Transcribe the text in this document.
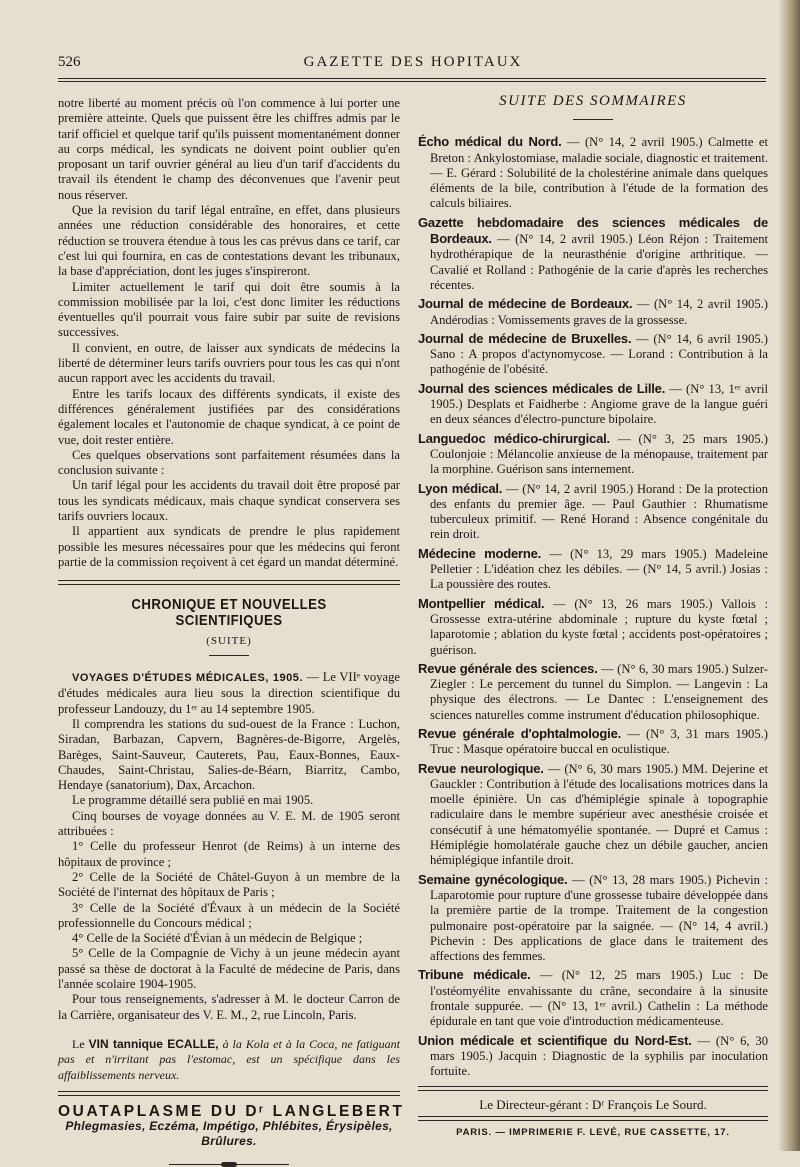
526	GAZETTE DES HOPITAUX

notre liberté au moment précis où l'on commence à lui porter une première atteinte. Quels que puissent être les chiffres admis par le tarif officiel et quelque tarif qu'ils puissent momentanément donner au corps médical, les syndicats ne doivent point oublier qu'en proposant un tarif ouvrier général au lieu d'un tarif d'accidents du travail ils étendent le champ des déconvenues que l'avenir peut nous réserver.

Que la revision du tarif légal entraîne, en effet, dans plusieurs années une réduction considérable des honoraires, et cette réduction se trouvera étendue à tous les cas prévus dans ce tarif, car c'est lui qui fournira, en cas de contestations devant les tribunaux, la base d'appréciation, dont les juges s'inspireront.

Limiter actuellement le tarif qui doit être soumis à la commission mobilisée par la loi, c'est donc limiter les réductions éventuelles qu'il pourrait vous faire subir par suite de revisions successives.

Il convient, en outre, de laisser aux syndicats de médecins la liberté de déterminer leurs tarifs ouvriers pour tous les cas qui n'ont aucun rapport avec les accidents du travail.

Entre les tarifs locaux des différents syndicats, il existe des différences généralement justifiées par des considérations également locales et l'autonomie de chaque syndicat, à ce point de vue, doit rester entière.

Ces quelques observations sont parfaitement résumées dans la conclusion suivante :

Un tarif légal pour les accidents du travail doit être proposé par tous les syndicats médicaux, mais chaque syndicat conservera ses tarifs ouvriers locaux.

Il appartient aux syndicats de prendre le plus rapidement possible les mesures nécessaires pour que les médecins qui feront partie de la commission reçoivent à cet égard un mandat déterminé.

CHRONIQUE ET NOUVELLES SCIENTIFIQUES
(SUITE)

VOYAGES D'ÉTUDES MÉDICALES, 1905. — Le VIIᵉ voyage d'études médicales aura lieu sous la direction scientifique du professeur Landouzy, du 1ᵉʳ au 14 septembre 1905.

Il comprendra les stations du sud-ouest de la France : Luchon, Siradan, Barbazan, Capvern, Bagnères-de-Bigorre, Argelès, Barèges, Saint-Sauveur, Cauterets, Pau, Eaux-Bonnes, Eaux-Chaudes, Saint-Christau, Salies-de-Béarn, Biarritz, Cambo, Hendaye (sanatorium), Dax, Arcachon.

Le programme détaillé sera publié en mai 1905.

Cinq bourses de voyage données au V. E. M. de 1905 seront attribuées :

1° Celle du professeur Henrot (de Reims) à un interne des hôpitaux de province ;

2° Celle de la Société de Châtel-Guyon à un membre de la Société de l'internat des hôpitaux de Paris ;

3° Celle de la Société d'Évaux à un médecin de la Société professionnelle du Concours médical ;

4° Celle de la Société d'Évian à un médecin de Belgique ;

5° Celle de la Compagnie de Vichy à un jeune médecin ayant passé sa thèse de doctorat à la Faculté de médecine de Paris, dans l'année scolaire 1904-1905.

Pour tous renseignements, s'adresser à M. le docteur Carron de la Carrière, organisateur des V. E. M., 2, rue Lincoln, Paris.

Le VIN tannique ECALLE, à la Kola et à la Coca, ne fatiguant pas et n'irritant pas l'estomac, est un spécifique dans les affaiblissements nerveux.

OUATAPLASME DU Dʳ LANGLEBERT
Phlegmasies, Eczéma, Impétigo, Phlébites, Érysipèles, Brûlures.
SUITE DES SOMMAIRES
Écho médical du Nord. — (N° 14, 2 avril 1905.) Calmette et Breton : Ankylostomiase, maladie sociale, diagnostic et traitement. — E. Gérard : Solubilité de la cholestérine animale dans quelques éléments de la bile, contribution à l'étude de la formation des calculs biliaires.
Gazette hebdomadaire des sciences médicales de Bordeaux. — (N° 14, 2 avril 1905.) Léon Réjon : Traitement hydrothérapique de la neurasthénie d'origine arthritique. — Cavalié et Rolland : Pathogénie de la carie d'après les recherches récentes.
Journal de médecine de Bordeaux. — (N° 14, 2 avril 1905.) Andérodias : Vomissements graves de la grossesse.
Journal de médecine de Bruxelles. — (N° 14, 6 avril 1905.) Sano : A propos d'actynomycose. — Lorand : Contribution à la pathogénie de l'obésité.
Journal des sciences médicales de Lille. — (N° 13, 1ᵉʳ avril 1905.) Desplats et Faidherbe : Angiome grave de la langue guéri en deux séances d'électro-puncture bipolaire.
Languedoc médico-chirurgical. — (N° 3, 25 mars 1905.) Coulonjoie : Mélancolie anxieuse de la ménopause, traitement par la morphine. Guérison sans internement.
Lyon médical. — (N° 14, 2 avril 1905.) Horand : De la protection des enfants du premier âge. — Paul Gauthier : Rhumatisme tuberculeux primitif. — René Horand : Absence congénitale du rein droit.
Médecine moderne. — (N° 13, 29 mars 1905.) Madeleine Pelletier : L'idéation chez les débiles. — (N° 14, 5 avril.) Josias : La poussière des routes.
Montpellier médical. — (N° 13, 26 mars 1905.) Vallois : Grossesse extra-utérine abdominale ; rupture du kyste fœtal ; laparotomie ; ablation du kyste fœtal ; accidents post-opératoires ; guérison.
Revue générale des sciences. — (N° 6, 30 mars 1905.) Sulzer-Ziegler : Le percement du tunnel du Simplon. — Langevin : La physique des électrons. — Le Dantec : L'enseignement des sciences naturelles comme instrument d'éducation philosophique.
Revue générale d'ophtalmologie. — (N° 3, 31 mars 1905.) Truc : Masque opératoire buccal en oculistique.
Revue neurologique. — (N° 6, 30 mars 1905.) MM. Dejerine et Gauckler : Contribution à l'étude des localisations motrices dans la moelle épinière. Un cas d'hémiplégie spinale à topographie radiculaire dans le membre supérieur avec anesthésie croisée et consécutif à une hématomyélie spontanée. — Dupré et Camus : Hémiplégie homolatérale gauche chez un débile gaucher, ancien hémiplégique infantile droit.
Semaine gynécologique. — (N° 13, 28 mars 1905.) Pichevin : Laparotomie pour rupture d'une grossesse tubaire développée dans la première partie de la trompe. Traitement de la congestion pulmonaire post-opératoire par la saignée. — (N° 14, 4 avril.) Pichevin : Des applications de glace dans le traitement des affections des femmes.
Tribune médicale. — (N° 12, 25 mars 1905.) Luc : De l'ostéomyélite envahissante du crâne, secondaire à la sinusite frontale suppurée. — (N° 13, 1ᵉʳ avril.) Cathelin : La méthode épidurale en tant que voie d'introduction médicamenteuse.
Union médicale et scientifique du Nord-Est. — (N° 6, 30 mars 1905.) Jacquin : Diagnostic de la syphilis par inoculation fortuite.
Le Directeur-gérant : Dʳ François Le Sourd.
PARIS. — IMPRIMERIE F. LEVÉ, RUE CASSETTE, 17.
